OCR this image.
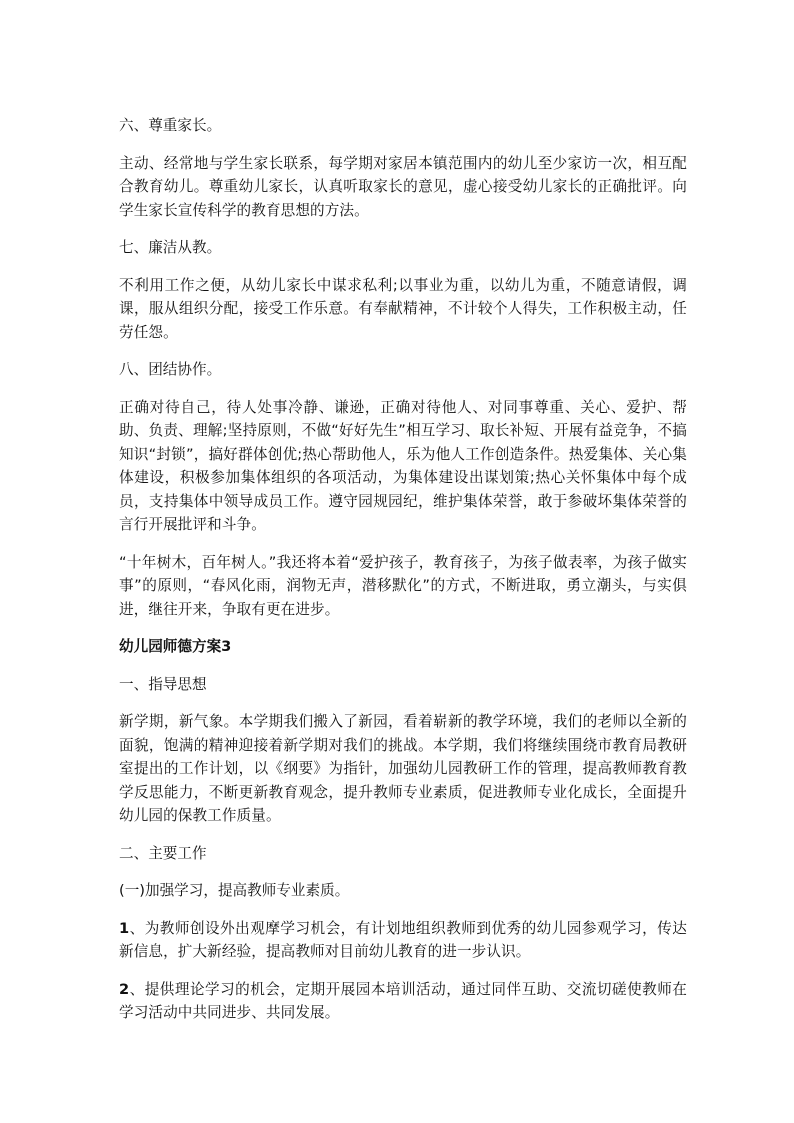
六、尊重家长。

主动、经常地与学生家长联系，每学期对家居本镇范围内的幼儿至少家访一次，相互配合教育幼儿。尊重幼儿家长，认真听取家长的意见，虚心接受幼儿家长的正确批评。向学生家长宣传科学的教育思想的方法。

七、廉洁从教。

不利用工作之便，从幼儿家长中谋求私利;以事业为重，以幼儿为重，不随意请假，调课，服从组织分配，接受工作乐意。有奉献精神，不计较个人得失，工作积极主动，任劳任怨。

八、团结协作。

正确对待自己，待人处事冷静、谦逊，正确对待他人、对同事尊重、关心、爱护、帮助、负责、理解;坚持原则，不做“好好先生”相互学习、取长补短、开展有益竞争，不搞知识“封锁”，搞好群体创优;热心帮助他人，乐为他人工作创造条件。热爱集体、关心集体建设，积极参加集体组织的各项活动，为集体建设出谋划策;热心关怀集体中每个成员，支持集体中领导成员工作。遵守园规园纪，维护集体荣誉，敢于参破坏集体荣誉的言行开展批评和斗争。

“十年树木，百年树人。”我还将本着“爱护孩子，教育孩子，为孩子做表率，为孩子做实事”的原则，“春风化雨，润物无声，潜移默化”的方式，不断进取，勇立潮头，与实俱进，继往开来，争取有更在进步。

幼儿园师德方案3

一、指导思想

新学期，新气象。本学期我们搬入了新园，看着崭新的教学环境，我们的老师以全新的面貌，饱满的精神迎接着新学期对我们的挑战。本学期，我们将继续围绕市教育局教研室提出的工作计划，以《纲要》为指针，加强幼儿园教研工作的管理，提高教师教育教学反思能力，不断更新教育观念，提升教师专业素质，促进教师专业化成长，全面提升幼儿园的保教工作质量。

二、主要工作

(一)加强学习，提高教师专业素质。

1、为教师创设外出观摩学习机会，有计划地组织教师到优秀的幼儿园参观学习，传达新信息，扩大新经验，提高教师对目前幼儿教育的进一步认识。

2、提供理论学习的机会，定期开展园本培训活动，通过同伴互助、交流切磋使教师在学习活动中共同进步、共同发展。
